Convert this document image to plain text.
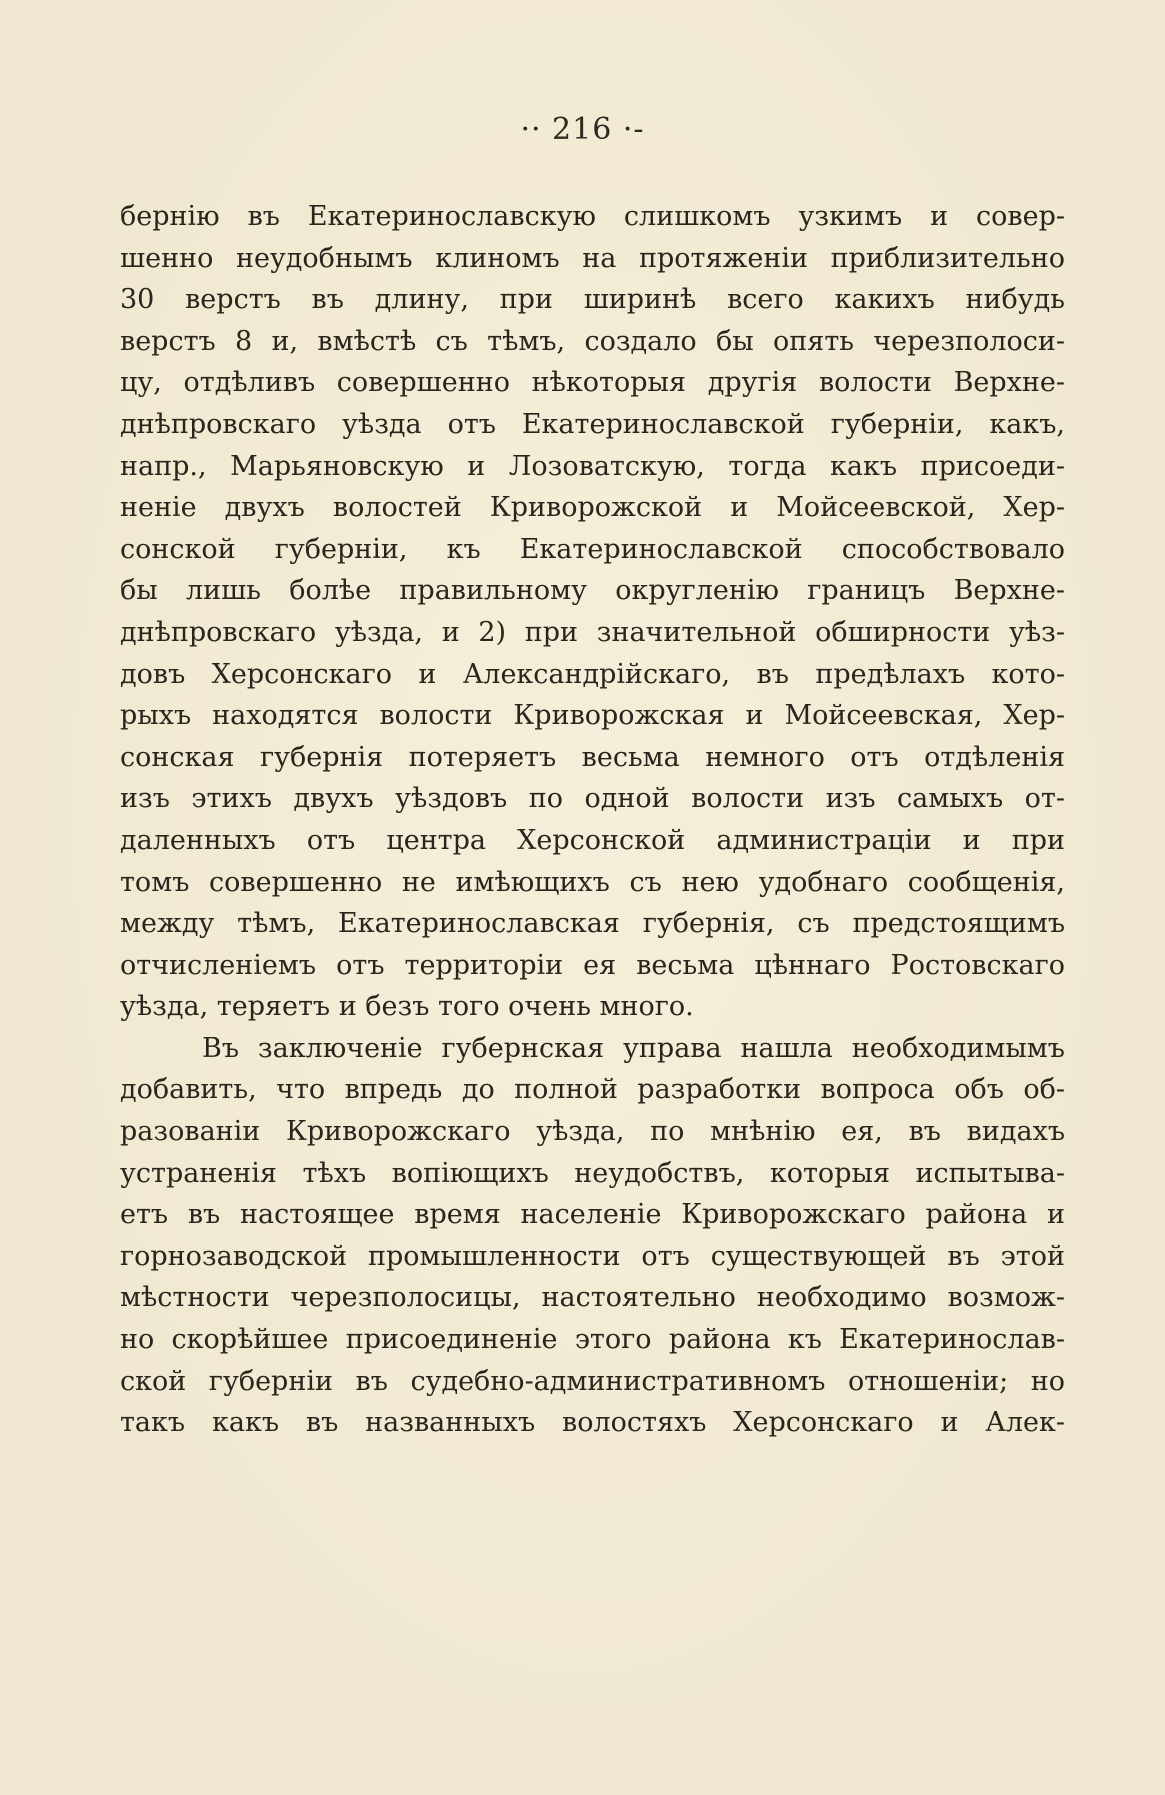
·· 216 ·-
бернію въ Екатеринославскую слишкомъ узкимъ и совер-
шенно неудобнымъ клиномъ на протяженіи приблизительно
30 верстъ въ длину, при ширинѣ всего какихъ нибудь
верстъ 8 и, вмѣстѣ съ тѣмъ, создало бы опять черезполоси-
цу, отдѣливъ совершенно нѣкоторыя другія волости Верхне-
днѣпровскаго уѣзда отъ Екатеринославской губерніи, какъ,
напр., Марьяновскую и Лозоватскую, тогда какъ присоеди-
неніе двухъ волостей Криворожской и Мойсеевской, Хер-
сонской губерніи, къ Екатеринославской способствовало
бы лишь болѣе правильному округленію границъ Верхне-
днѣпровскаго уѣзда, и 2) при значительной обширности уѣз-
довъ Херсонскаго и Александрійскаго, въ предѣлахъ кото-
рыхъ находятся волости Криворожская и Мойсеевская, Хер-
сонская губернія потеряетъ весьма немного отъ отдѣленія
изъ этихъ двухъ уѣздовъ по одной волости изъ самыхъ от-
даленныхъ отъ центра Херсонской администраціи и при
томъ совершенно не имѣющихъ съ нею удобнаго сообщенія,
между тѣмъ, Екатеринославская губернія, съ предстоящимъ
отчисленіемъ отъ территоріи ея весьма цѣннаго Ростовскаго
уѣзда, теряетъ и безъ того очень много.
Въ заключеніе губернская управа нашла необходимымъ
добавить, что впредь до полной разработки вопроса объ об-
разованіи Криворожскаго уѣзда, по мнѣнію ея, въ видахъ
устраненія тѣхъ вопіющихъ неудобствъ, которыя испытыва-
етъ въ настоящее время населеніе Криворожскаго района и
горнозаводской промышленности отъ существующей въ этой
мѣстности черезполосицы, настоятельно необходимо возмож-
но скорѣйшее присоединеніе этого района къ Екатеринослав-
ской губерніи въ судебно-административномъ отношеніи; но
такъ какъ въ названныхъ волостяхъ Херсонскаго и Алек-
